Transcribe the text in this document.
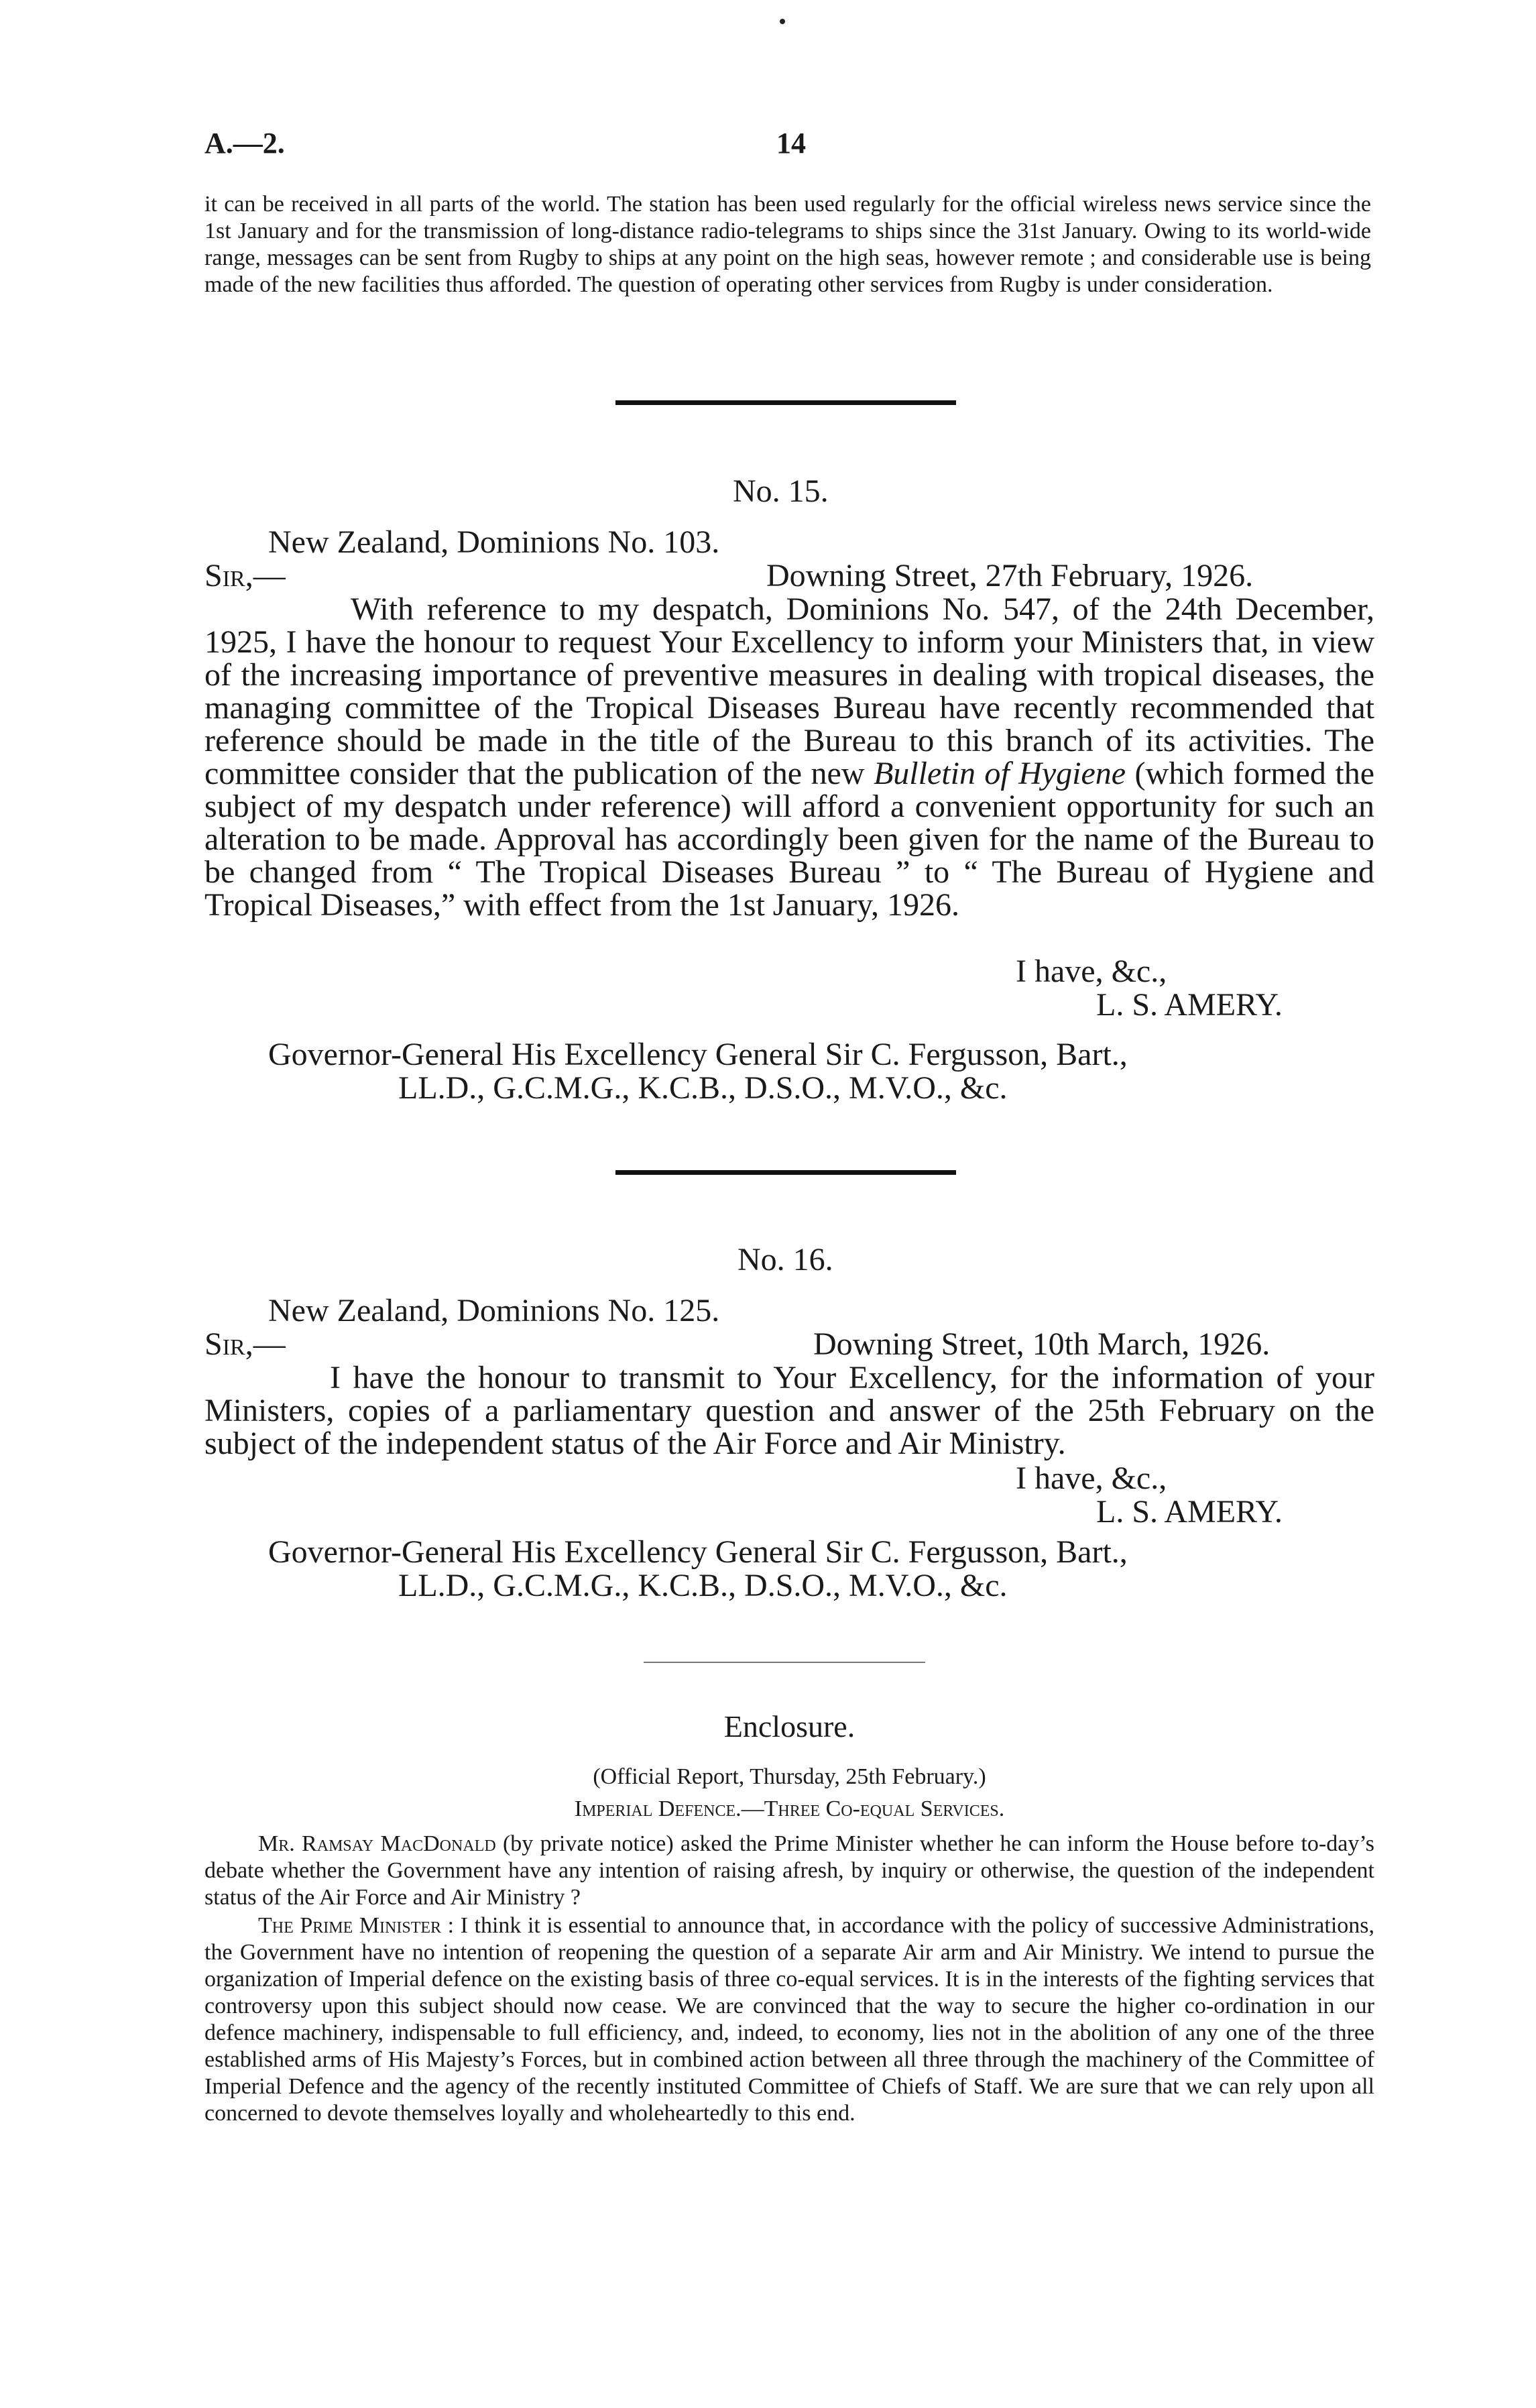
A.—2.	14

it can be received in all parts of the world. The station has been used regularly for the official wireless news service since the 1st January and for the transmission of long-distance radio-telegrams to ships since the 31st January. Owing to its world-wide range, messages can be sent from Rugby to ships at any point on the high seas, however remote ; and considerable use is being made of the new facilities thus afforded. The question of operating other services from Rugby is under consideration.

No. 15.
New Zealand, Dominions No. 103.
Sir,—	Downing Street, 27th February, 1926.

With reference to my despatch, Dominions No. 547, of the 24th December, 1925, I have the honour to request Your Excellency to inform your Ministers that, in view of the increasing importance of preventive measures in dealing with tropical diseases, the managing committee of the Tropical Diseases Bureau have recently recommended that reference should be made in the title of the Bureau to this branch of its activities. The committee consider that the publication of the new Bulletin of Hygiene (which formed the subject of my despatch under reference) will afford a convenient opportunity for such an alteration to be made. Approval has accordingly been given for the name of the Bureau to be changed from “ The Tropical Diseases Bureau ” to “ The Bureau of Hygiene and Tropical Diseases,” with effect from the 1st January, 1926.

I have, &c.,
L. S. AMERY.
Governor-General His Excellency General Sir C. Fergusson, Bart.,
LL.D., G.C.M.G., K.C.B., D.S.O., M.V.O., &c.
No. 16.
New Zealand, Dominions No. 125.
Sir,—	Downing Street, 10th March, 1926.

I have the honour to transmit to Your Excellency, for the information of your Ministers, copies of a parliamentary question and answer of the 25th February on the subject of the independent status of the Air Force and Air Ministry.

I have, &c.,
L. S. AMERY.
Governor-General His Excellency General Sir C. Fergusson, Bart.,
LL.D., G.C.M.G., K.C.B., D.S.O., M.V.O., &c.
Enclosure.
(Official Report, Thursday, 25th February.)
Imperial Defence.—Three Co-equal Services.

Mr. Ramsay MacDonald (by private notice) asked the Prime Minister whether he can inform the House before to-day’s debate whether the Government have any intention of raising afresh, by inquiry or otherwise, the question of the independent status of the Air Force and Air Ministry ?

The Prime Minister : I think it is essential to announce that, in accordance with the policy of successive Administrations, the Government have no intention of reopening the question of a separate Air arm and Air Ministry. We intend to pursue the organization of Imperial defence on the existing basis of three co-equal services. It is in the interests of the fighting services that controversy upon this subject should now cease. We are convinced that the way to secure the higher co-ordination in our defence machinery, indispensable to full efficiency, and, indeed, to economy, lies not in the abolition of any one of the three established arms of His Majesty’s Forces, but in combined action between all three through the machinery of the Committee of Imperial Defence and the agency of the recently instituted Committee of Chiefs of Staff. We are sure that we can rely upon all concerned to devote themselves loyally and wholeheartedly to this end.
